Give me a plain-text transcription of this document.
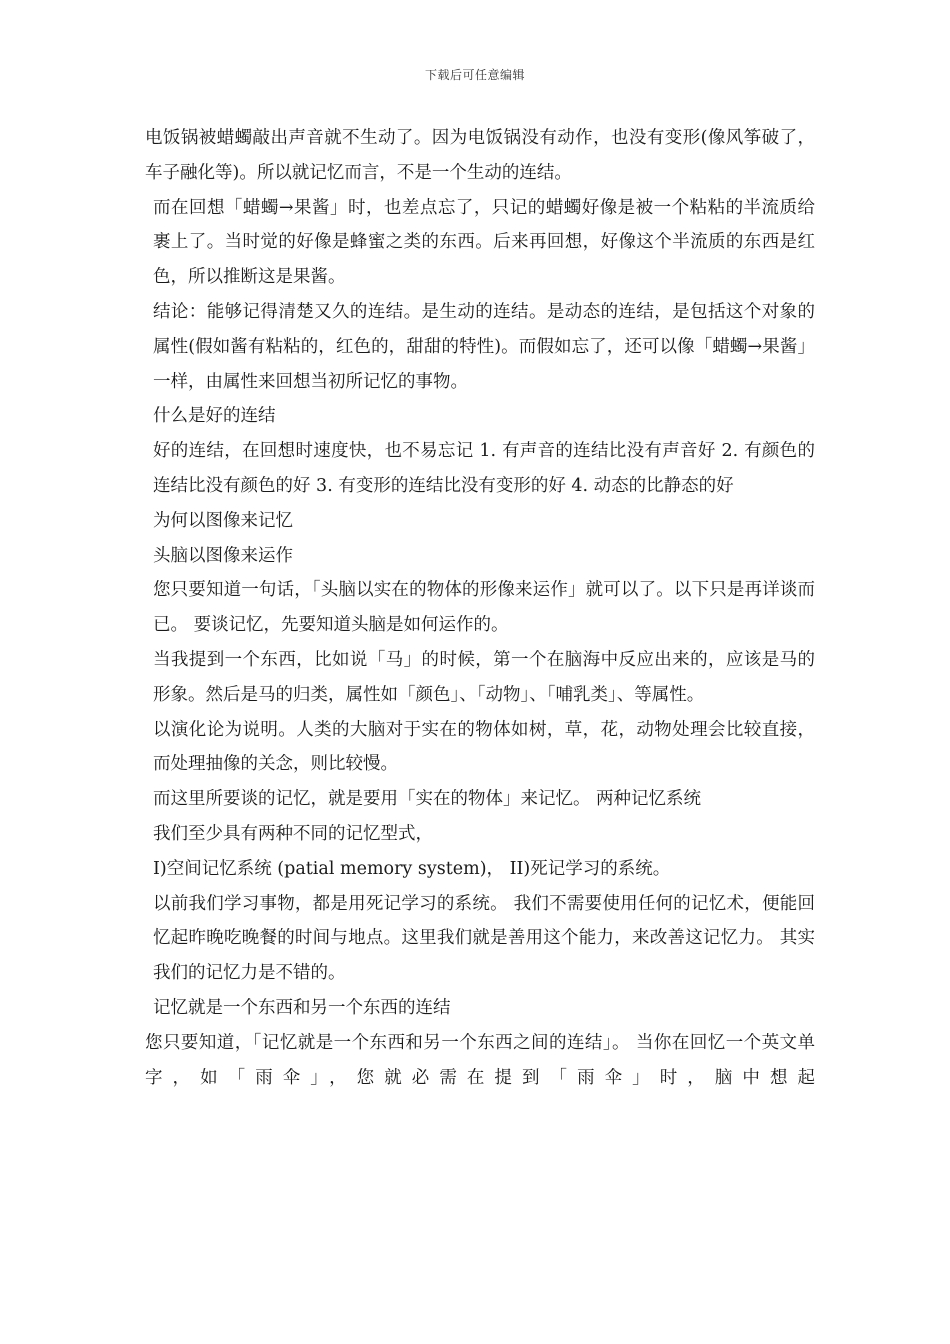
下载后可任意编辑

电饭锅被蜡蠋敲出声音就不生动了。因为电饭锅没有动作，也没有变形(像风筝破了，车子融化等)。所以就记忆而言，不是一个生动的连结。

而在回想「蜡蠋→果酱」时，也差点忘了，只记的蜡蠋好像是被一个粘粘的半流质给裹上了。当时觉的好像是蜂蜜之类的东西。后来再回想，好像这个半流质的东西是红色，所以推断这是果酱。

结论：能够记得清楚又久的连结。是生动的连结。是动态的连结，是包括这个对象的属性(假如酱有粘粘的，红色的，甜甜的特性)。而假如忘了，还可以像「蜡蠋→果酱」一样，由属性来回想当初所记忆的事物。

什么是好的连结

好的连结，在回想时速度快，也不易忘记 1. 有声音的连结比没有声音好 2. 有颜色的连结比没有颜色的好 3. 有变形的连结比没有变形的好 4. 动态的比静态的好

为何以图像来记忆

头脑以图像来运作

您只要知道一句话，「头脑以实在的物体的形像来运作」就可以了。以下只是再详谈而已。 要谈记忆，先要知道头脑是如何运作的。

当我提到一个东西，比如说「马」的时候，第一个在脑海中反应出来的，应该是马的形象。然后是马的归类，属性如「颜色」、「动物」、「哺乳类」、等属性。

以演化论为说明。人类的大脑对于实在的物体如树，草，花，动物处理会比较直接，而处理抽像的关念，则比较慢。

而这里所要谈的记忆，就是要用「实在的物体」来记忆。 两种记忆系统

我们至少具有两种不同的记忆型式，

I)空间记忆系统 (patial memory system)， II)死记学习的系统。

以前我们学习事物，都是用死记学习的系统。 我们不需要使用任何的记忆术，便能回忆起昨晚吃晚餐的时间与地点。这里我们就是善用这个能力，来改善这记忆力。 其实我们的记忆力是不错的。

记忆就是一个东西和另一个东西的连结

您只要知道，「记忆就是一个东西和另一个东西之间的连结」。 当你在回忆一个英文单字，如「雨伞」，您就必需在提到「雨伞」时，脑中想起
